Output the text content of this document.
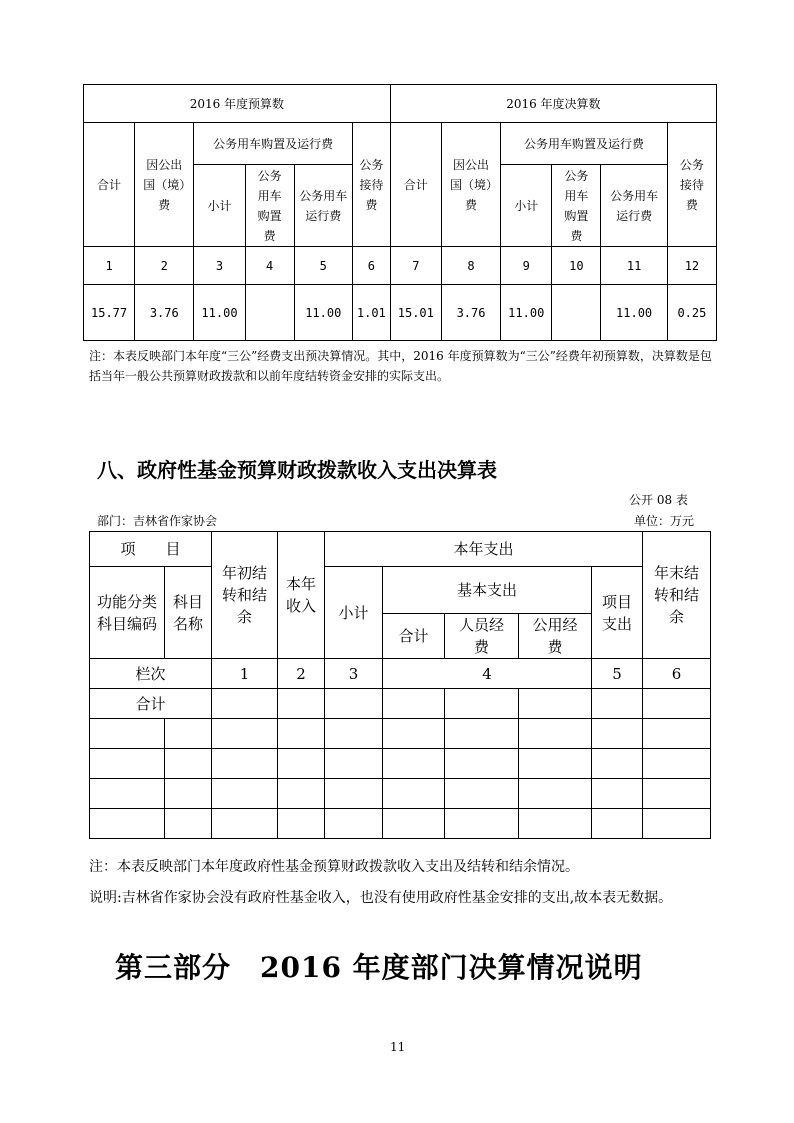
2016 年度预算数						2016 年度决算数					
合计	因公出国（境）费	公务用车购置及运行费			公务接待费	合计	因公出国（境）费	公务用车购置及运行费			公务接待费
		小计	公务用车购置费	公务用车运行费				小计	公务用车购置费	公务用车运行费	
1	2	3	4	5	6	7	8	9	10	11	12
15.77	3.76	11.00		11.00	1.01	15.01	3.76	11.00		11.00	0.25
注：本表反映部门本年度“三公”经费支出预决算情况。其中，2016 年度预算数为“三公”经费年初预算数，决算数是包括当年一般公共预算财政拨款和以前年度结转资金安排的实际支出。
八、政府性基金预算财政拨款收入支出决算表
公开 08 表
部门：吉林省作家协会	单位：万元
项　　目		年初结转和结余	本年收入	本年支出					年末结转和结余
功能分类科目编码	科目名称			小计	基本支出			项目支出	
					合计	人员经费	公用经费		
栏次		1	2	3	4			5	6
合计									

注：本表反映部门本年度政府性基金预算财政拨款收入支出及结转和结余情况。
说明:吉林省作家协会没有政府性基金收入，也没有使用政府性基金安排的支出,故本表无数据。
第三部分　2016 年度部门决算情况说明
11
